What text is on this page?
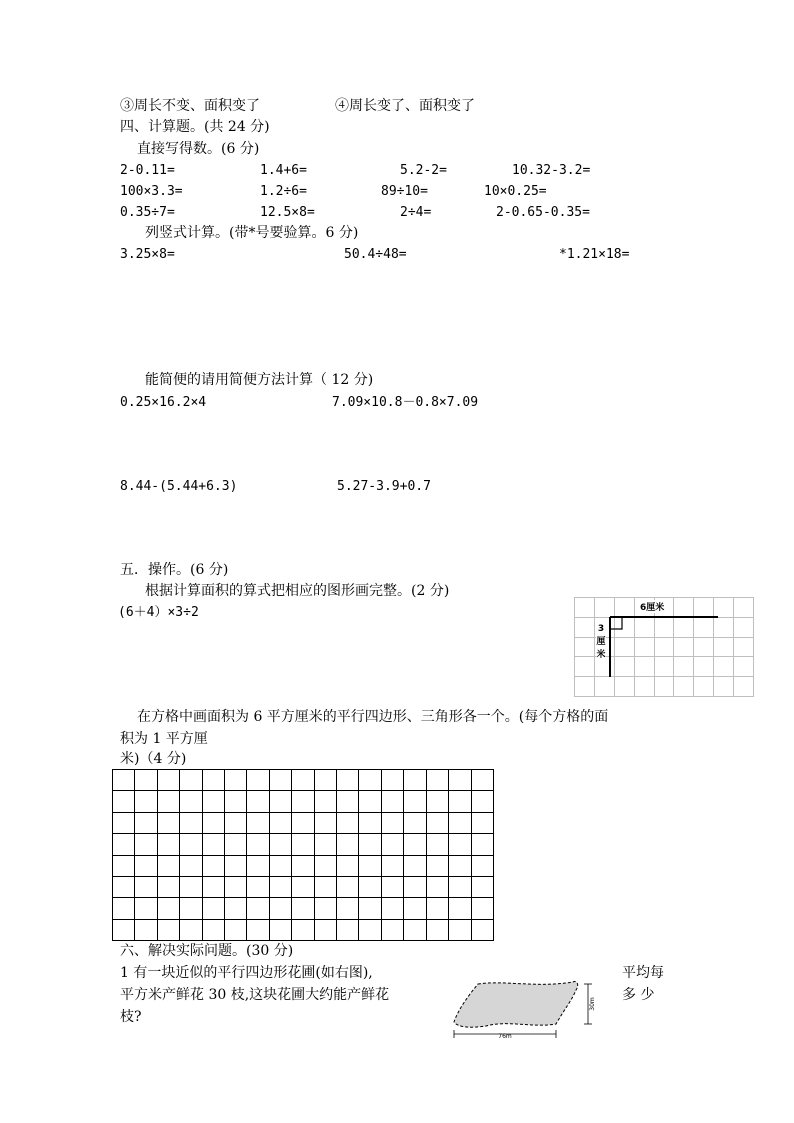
③周长不变、面积变了	④周长变了、面积变了
四、计算题。(共 24 分)
直接写得数。(6 分)
2-0.11=	1.4+6=	5.2-2=	10.32-3.2=
100×3.3=	1.2÷6=	89÷10=	10×0.25=
0.35÷7=	12.5×8=	2÷4=	2-0.65-0.35=
列竖式计算。(带*号要验算。6 分)
3.25×8=	50.4÷48=	*1.21×18=
能简便的请用简便方法计算（ 12 分)
0.25×16.2×4	7.09×10.8－0.8×7.09
8.44-(5.44+6.3)	5.27-3.9+0.7
五．操作。(6 分)
根据计算面积的算式把相应的图形画完整。(2 分)
(6＋4）×3÷2

									6厘米
3
厘
米
在方格中画面积为 6 平方厘米的平行四边形、三角形各一个。(每个方格的面
积为 1 平方厘
米)（4 分)

六、解决实际问题。(30 分)
1 有一块近似的平行四边形花圃(如右图),
平方米产鲜花 30 枝,这块花圃大约能产鲜花
枝?
平均每
多 少
76m
30m
